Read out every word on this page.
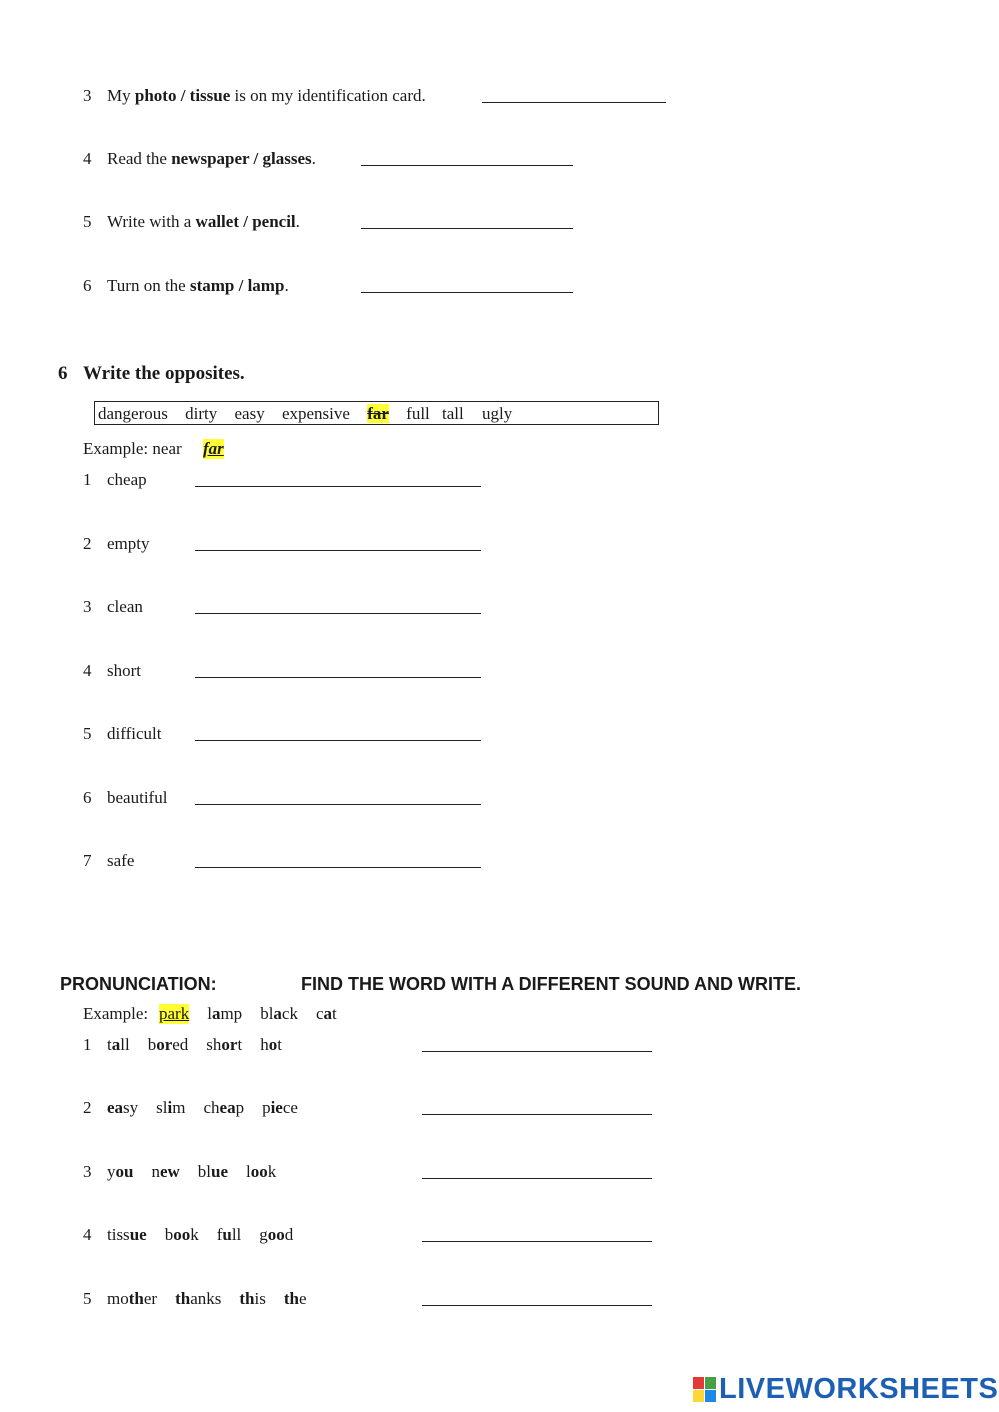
3 My photo / tissue is on my identification card.
4 Read the newspaper / glasses.
5 Write with a wallet / pencil.
6 Turn on the stamp / lamp.
6 Write the opposites.
dangerous dirty easy expensive far full tall ugly
Example: near far
1 cheap
2 empty
3 clean
4 short
5 difficult
6 beautiful
7 safe
PRONUNCIATION:	FIND THE WORD WITH A DIFFERENT SOUND AND WRITE.
Example: park lamp black cat
1 tall bored short hot
2 easy slim cheap piece
3 you new blue look
4 tissue book full good
5 mother thanks this the
LIVEWORKSHEETS
